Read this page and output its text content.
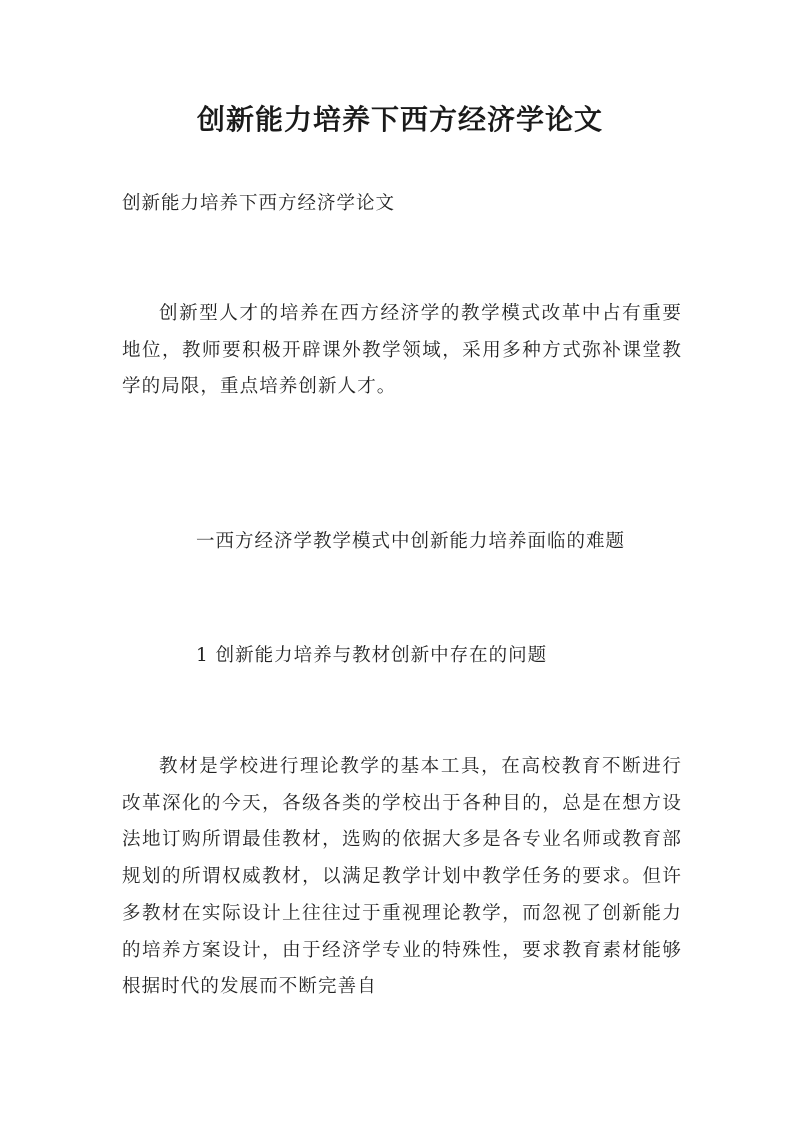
创新能力培养下西方经济学论文
创新能力培养下西方经济学论文
创新型人才的培养在西方经济学的教学模式改革中占有重要地位，教师要积极开辟课外教学领域，采用多种方式弥补课堂教学的局限，重点培养创新人才。
一西方经济学教学模式中创新能力培养面临的难题
1 创新能力培养与教材创新中存在的问题
教材是学校进行理论教学的基本工具，在高校教育不断进行改革深化的今天，各级各类的学校出于各种目的，总是在想方设法地订购所谓最佳教材，选购的依据大多是各专业名师或教育部规划的所谓权威教材，以满足教学计划中教学任务的要求。但许多教材在实际设计上往往过于重视理论教学，而忽视了创新能力的培养方案设计，由于经济学专业的特殊性，要求教育素材能够根据时代的发展而不断完善自
